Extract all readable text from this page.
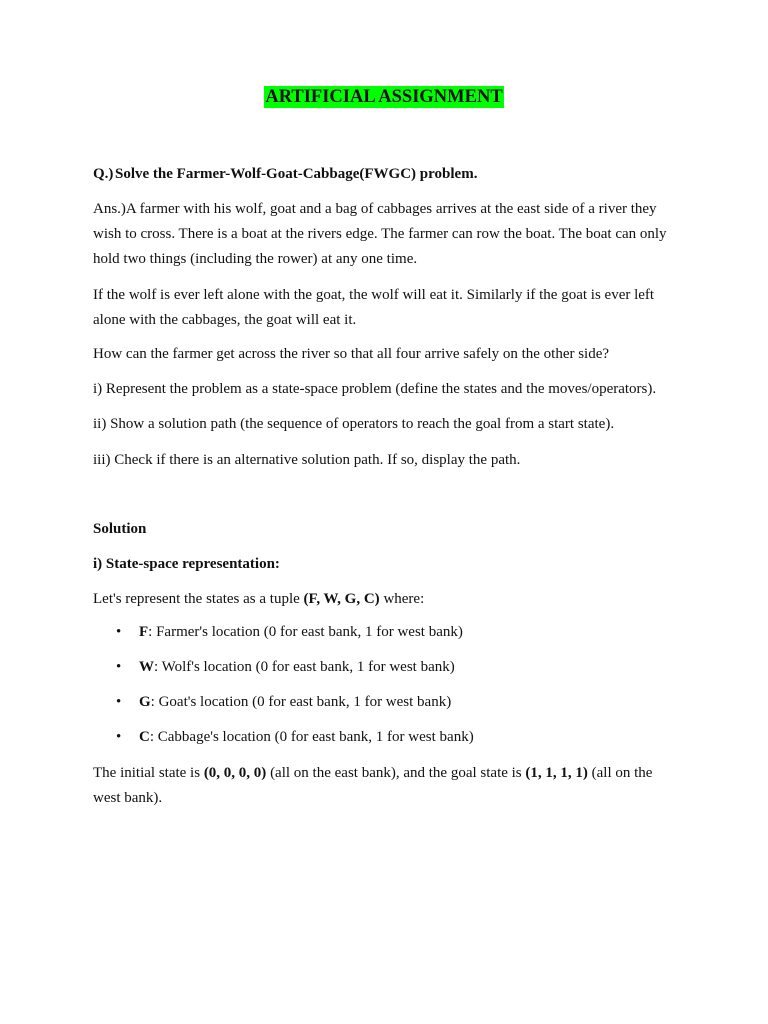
ARTIFICIAL ASSIGNMENT
Q.) Solve the Farmer-Wolf-Goat-Cabbage(FWGC) problem.
Ans.)A farmer with his wolf, goat and a bag of cabbages arrives at the east side of a river they wish to cross. There is a boat at the rivers edge. The farmer can row the boat. The boat can only hold two things (including the rower) at any one time.
If the wolf is ever left alone with the goat, the wolf will eat it. Similarly if the goat is ever left alone with the cabbages, the goat will eat it.
How can the farmer get across the river so that all four arrive safely on the other side?
i) Represent the problem as a state-space problem (define the states and the moves/operators).
ii) Show a solution path (the sequence of operators to reach the goal from a start state).
iii) Check if there is an alternative solution path. If so, display the path.
Solution
i) State-space representation:
Let's represent the states as a tuple (F, W, G, C) where:
• F: Farmer's location (0 for east bank, 1 for west bank)
• W: Wolf's location (0 for east bank, 1 for west bank)
• G: Goat's location (0 for east bank, 1 for west bank)
• C: Cabbage's location (0 for east bank, 1 for west bank)
The initial state is (0, 0, 0, 0) (all on the east bank), and the goal state is (1, 1, 1, 1) (all on the west bank).
